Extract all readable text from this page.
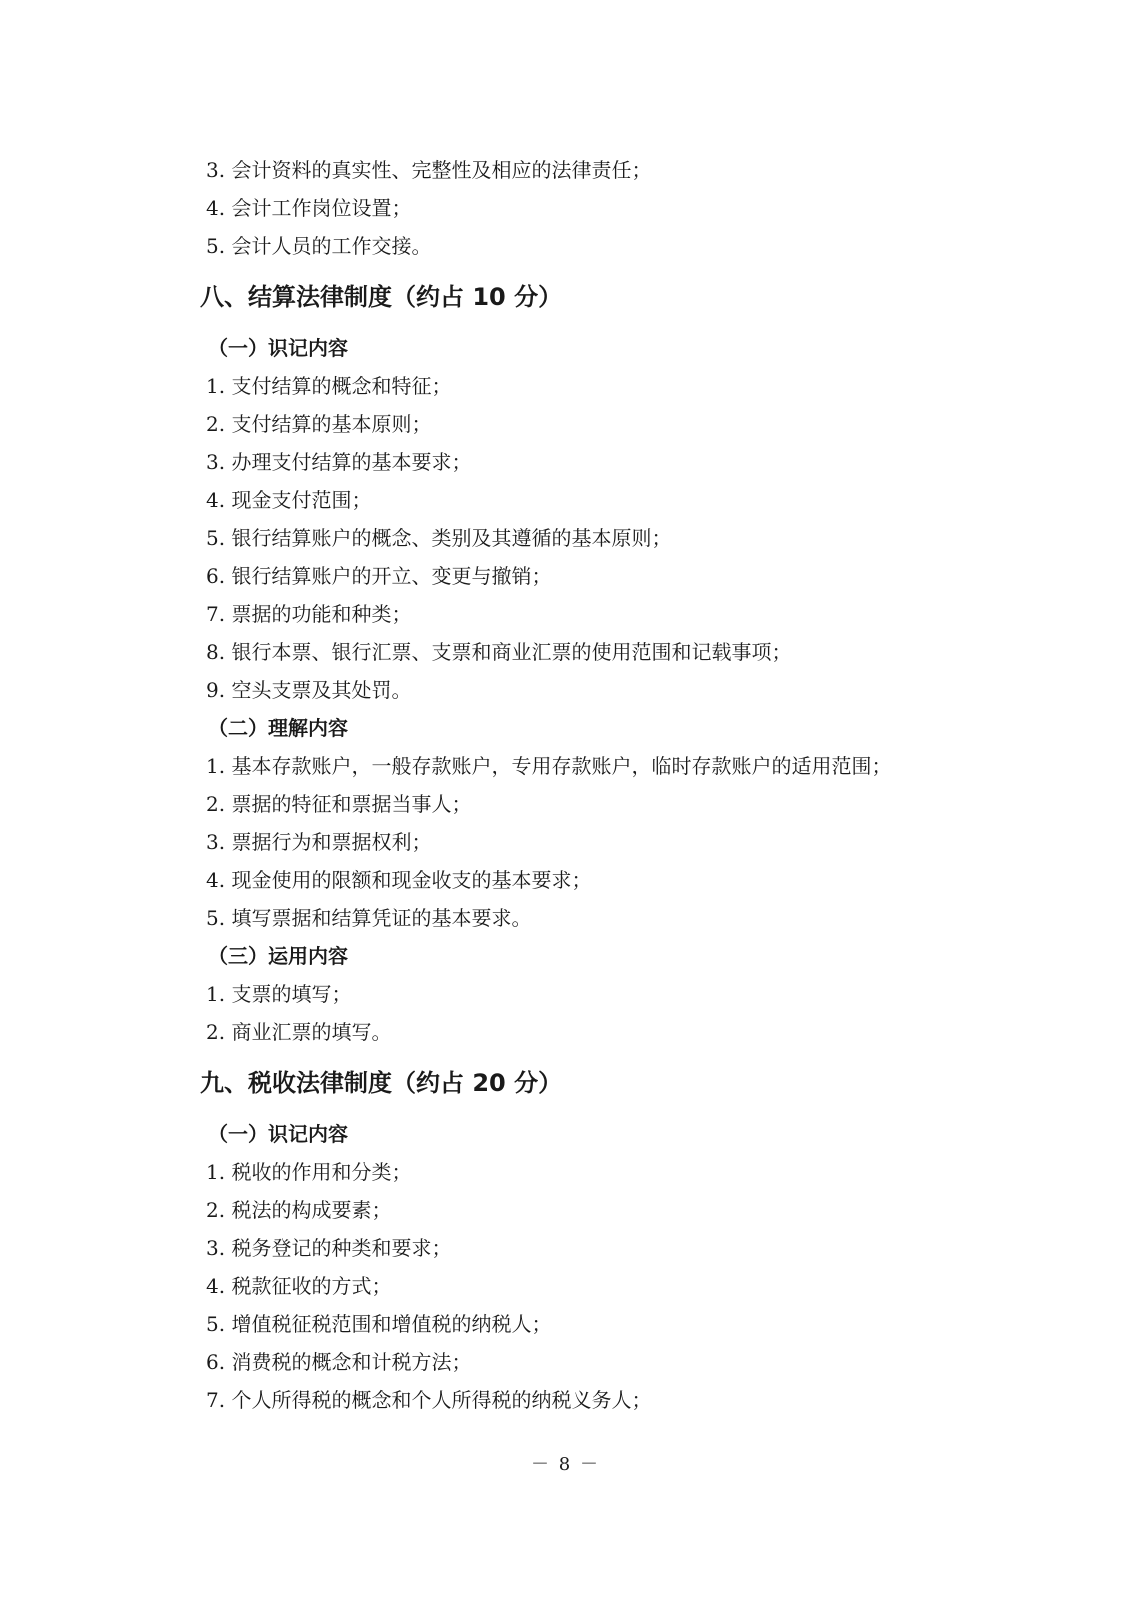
3. 会计资料的真实性、完整性及相应的法律责任；
4. 会计工作岗位设置；
5. 会计人员的工作交接。
八、结算法律制度（约占 10 分）
（一）识记内容
1. 支付结算的概念和特征；
2. 支付结算的基本原则；
3. 办理支付结算的基本要求；
4. 现金支付范围；
5. 银行结算账户的概念、类别及其遵循的基本原则；
6. 银行结算账户的开立、变更与撤销；
7. 票据的功能和种类；
8. 银行本票、银行汇票、支票和商业汇票的使用范围和记载事项；
9. 空头支票及其处罚。
（二）理解内容
1. 基本存款账户，一般存款账户，专用存款账户，临时存款账户的适用范围；
2. 票据的特征和票据当事人；
3. 票据行为和票据权利；
4. 现金使用的限额和现金收支的基本要求；
5. 填写票据和结算凭证的基本要求。
（三）运用内容
1. 支票的填写；
2. 商业汇票的填写。
九、税收法律制度（约占 20 分）
（一）识记内容
1. 税收的作用和分类；
2. 税法的构成要素；
3. 税务登记的种类和要求；
4. 税款征收的方式；
5. 增值税征税范围和增值税的纳税人；
6. 消费税的概念和计税方法；
7. 个人所得税的概念和个人所得税的纳税义务人；
－ 8 －
